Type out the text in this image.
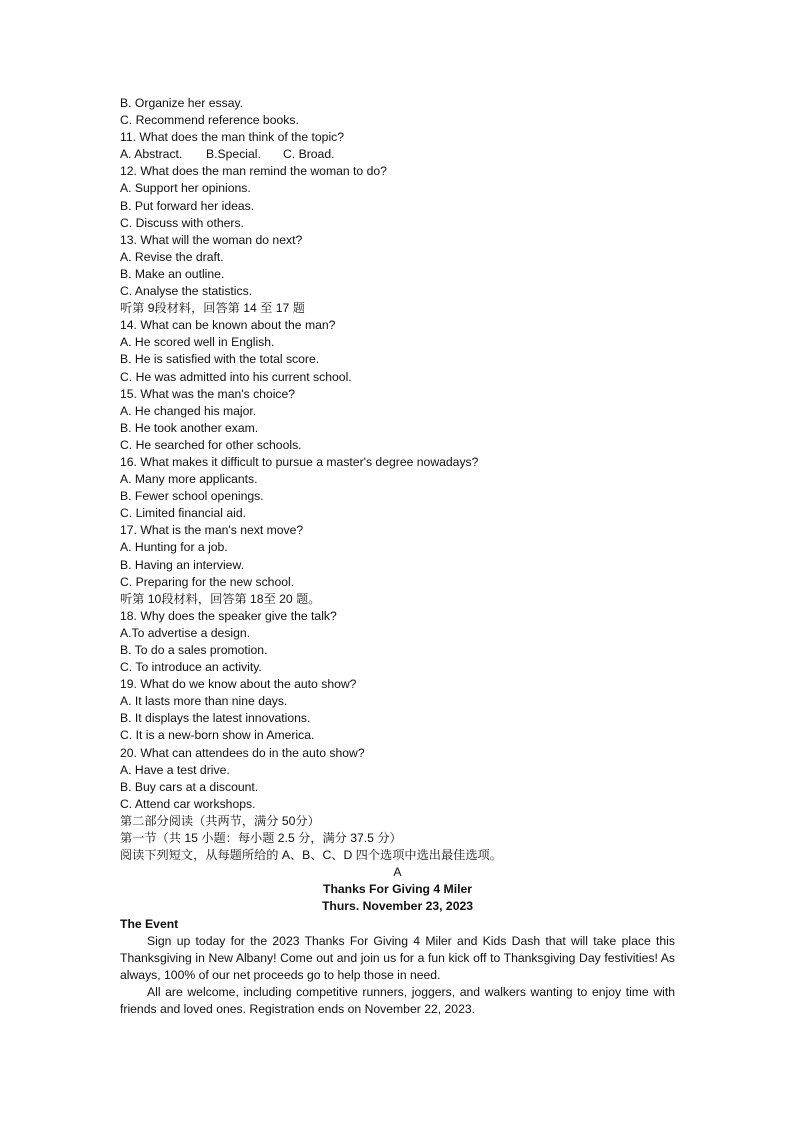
B. Organize her essay.
C. Recommend reference books.
11. What does the man think of the topic?
A. Abstract. B.Special. C. Broad.
12. What does the man remind the woman to do?
A. Support her opinions.
B. Put forward her ideas.
C. Discuss with others.
13. What will the woman do next?
A. Revise the draft.
B. Make an outline.
C. Analyse the statistics.
听第 9段材料，回答第 14 至 17 题
14. What can be known about the man?
A. He scored well in English.
B. He is satisfied with the total score.
C. He was admitted into his current school.
15. What was the man's choice?
A. He changed his major.
B. He took another exam.
C. He searched for other schools.
16. What makes it difficult to pursue a master's degree nowadays?
A. Many more applicants.
B. Fewer school openings.
C. Limited financial aid.
17. What is the man's next move?
A. Hunting for a job.
B. Having an interview.
C. Preparing for the new school.
听第 10段材料，回答第 18至 20 题。
18. Why does the speaker give the talk?
A.To advertise a design.
B. To do a sales promotion.
C. To introduce an activity.
19. What do we know about the auto show?
A. It lasts more than nine days.
B. It displays the latest innovations.
C. It is a new-born show in America.
20. What can attendees do in the auto show?
A. Have a test drive.
B. Buy cars at a discount.
C. Attend car workshops.
第二部分阅读（共两节，满分 50分）
第一节（共 15 小题：每小题 2.5 分，满分 37.5 分）
阅读下列短文，从每题所给的 A、B、C、D 四个选项中选出最佳选项。
A
Thanks For Giving 4 Miler
Thurs. November 23, 2023
The Event
Sign up today for the 2023 Thanks For Giving 4 Miler and Kids Dash that will take place this Thanksgiving in New Albany! Come out and join us for a fun kick off to Thanksgiving Day festivities! As always, 100% of our net proceeds go to help those in need.
All are welcome, including competitive runners, joggers, and walkers wanting to enjoy time with friends and loved ones. Registration ends on November 22, 2023.
